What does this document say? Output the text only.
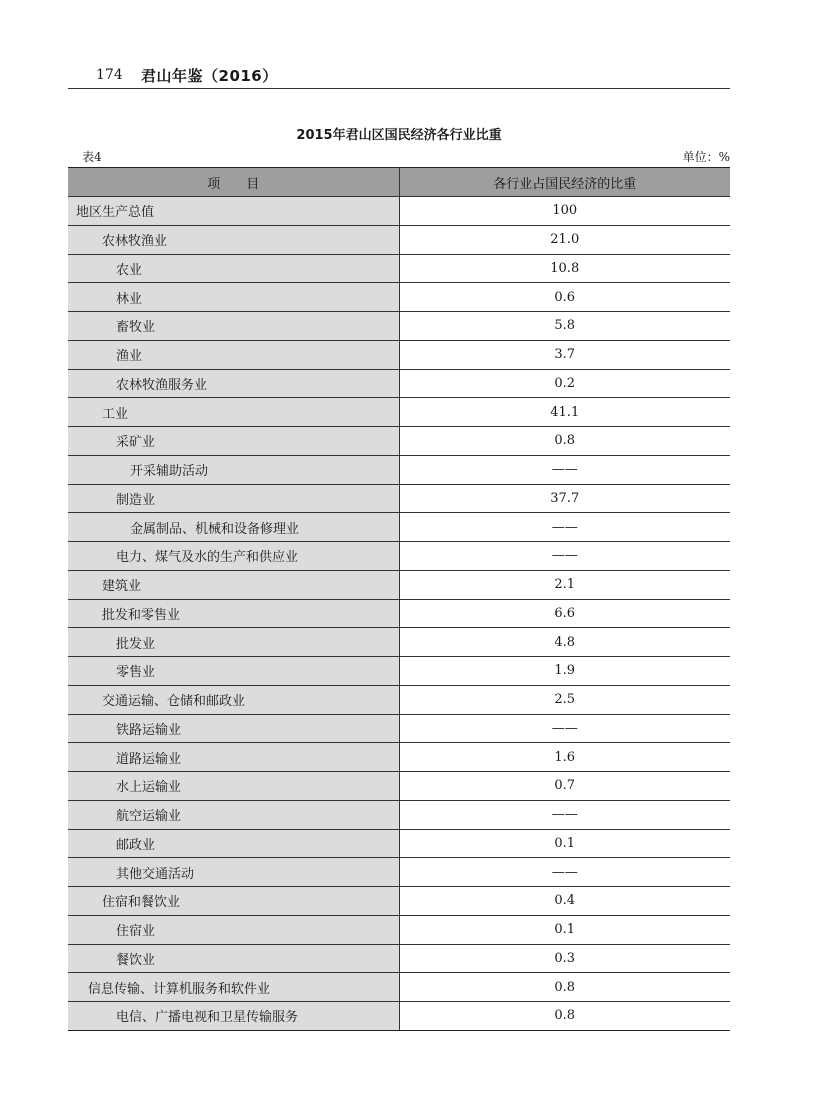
174 君山年鉴（2016）
2015年君山区国民经济各行业比重
表4	单位：%
项　　目	各行业占国民经济的比重
地区生产总值	100
农林牧渔业	21.0
农业	10.8
林业	0.6
畜牧业	5.8
渔业	3.7
农林牧渔服务业	0.2
工业	41.1
采矿业	0.8
开采辅助活动	——
制造业	37.7
金属制品、机械和设备修理业	——
电力、煤气及水的生产和供应业	——
建筑业	2.1
批发和零售业	6.6
批发业	4.8
零售业	1.9
交通运输、仓储和邮政业	2.5
铁路运输业	——
道路运输业	1.6
水上运输业	0.7
航空运输业	——
邮政业	0.1
其他交通活动	——
住宿和餐饮业	0.4
住宿业	0.1
餐饮业	0.3
信息传输、计算机服务和软件业	0.8
电信、广播电视和卫星传输服务	0.8
